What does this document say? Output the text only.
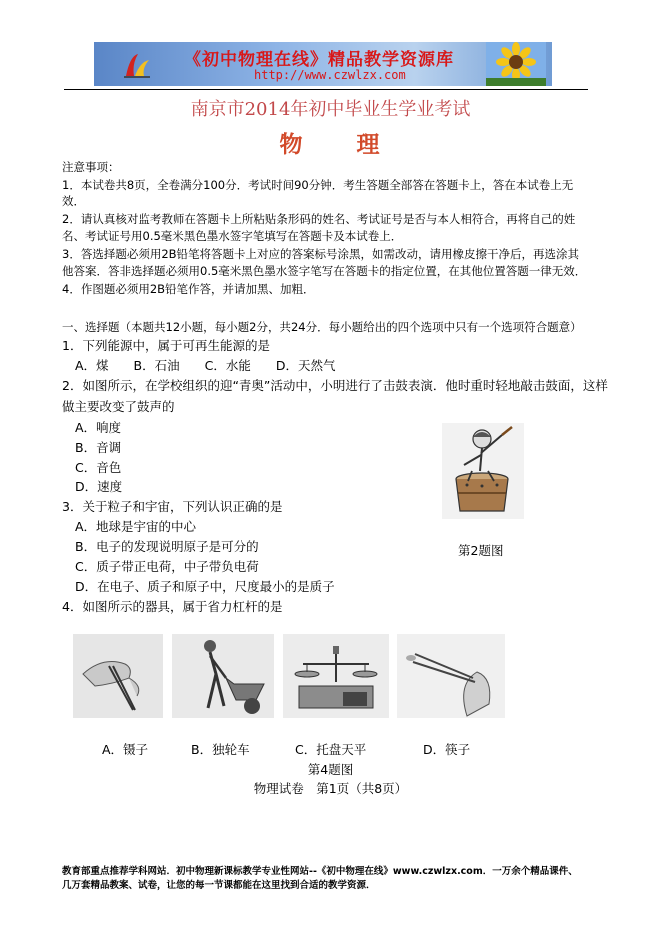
《初中物理在线》精品教学资源库
http://www.czwlzx.com
南京市2014年初中毕业生学业考试
物 理
注意事项：
1．本试卷共8页，全卷满分100分．考试时间90分钟．考生答题全部答在答题卡上，答在本试卷上无
效．
2．请认真核对监考教师在答题卡上所粘贴条形码的姓名、考试证号是否与本人相符合，再将自己的姓
名、考试证号用0.5毫米黑色墨水签字笔填写在答题卡及本试卷上．
3．答选择题必须用2B铅笔将答题卡上对应的答案标号涂黑，如需改动，请用橡皮擦干净后，再选涂其
他答案．答非选择题必须用0.5毫米黑色墨水签字笔写在答题卡的指定位置，在其他位置答题一律无效．
4．作图题必须用2B铅笔作答，并请加黑、加粗．
一、选择题（本题共12小题，每小题2分，共24分．每小题给出的四个选项中只有一个选项符合题意）
1．下列能源中，属于可再生能源的是
A．煤　　B．石油　　C．水能　　D．天然气
2．如图所示，在学校组织的迎“青奥”活动中，小明进行了击鼓表演．他时重时轻地敲击鼓面，这样
做主要改变了鼓声的
A．响度
B．音调
C．音色
D．速度
第2题图
3．关于粒子和宇宙，下列认识正确的是
A．地球是宇宙的中心
B．电子的发现说明原子是可分的
C．质子带正电荷，中子带负电荷
D．在电子、质子和原子中，尺度最小的是质子
4．如图所示的器具，属于省力杠杆的是
A．镊子	B．独轮车	C．托盘天平	D．筷子
第4题图
物理试卷　第1页（共8页）
教育部重点推荐学科网站．初中物理新课标教学专业性网站--《初中物理在线》www.czwlzx.com．一万余个精品课件、
几万套精品教案、试卷，让您的每一节课都能在这里找到合适的教学资源．
